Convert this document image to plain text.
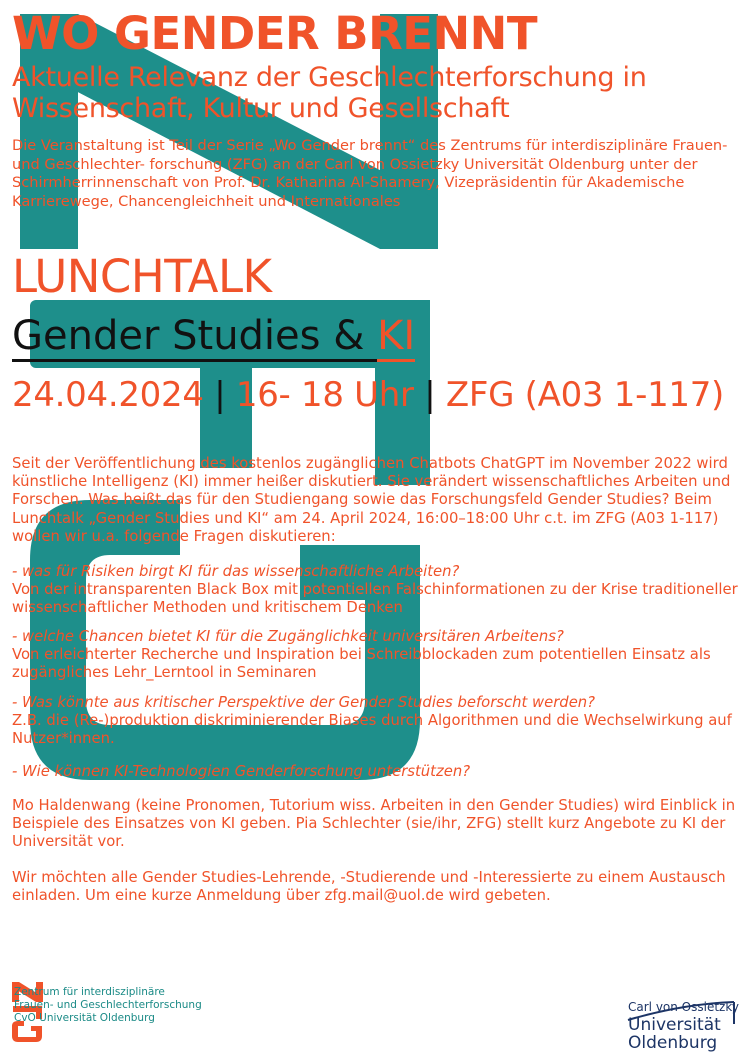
WO GENDER BRENNT
Aktuelle Relevanz der Geschlechterforschung in Wissenschaft, Kultur und Gesellschaft

Die Veranstaltung ist Teil der Serie „Wo Gender brennt“ des Zentrums für interdisziplinäre Frauen- und Geschlechter- forschung (ZFG) an der Carl von Ossietzky Universität Oldenburg unter der Schirmherrinnenschaft von Prof. Dr. Katharina Al-Shamery, Vizepräsidentin für Akademische Karrierewege, Chancengleichheit und Internationales

LUNCHTALK
Gender Studies & KI
24.04.2024 | 16- 18 Uhr | ZFG (A03 1-117)

Seit der Veröffentlichung des kostenlos zugänglichen Chatbots ChatGPT im November 2022 wird künstliche Intelligenz (KI) immer heißer diskutiert. Sie verändert wissenschaftliches Arbeiten und Forschen. Was heißt das für den Studiengang sowie das Forschungsfeld Gender Studies? Beim Lunchtalk „Gender Studies und KI“ am 24. April 2024, 16:00–18:00 Uhr c.t. im ZFG (A03 1-117) wollen wir u.a. folgende Fragen diskutieren:

- was für Risiken birgt KI für das wissenschaftliche Arbeiten?
Von der intransparenten Black Box mit potentiellen Falschinformationen zu der Krise traditioneller wissenschaftlicher Methoden und kritischem Denken
- welche Chancen bietet KI für die Zugänglichkeit universitären Arbeitens?
Von erleichterter Recherche und Inspiration bei Schreibblockaden zum potentiellen Einsatz als zugängliches Lehr_Lerntool in Seminaren
- Was könnte aus kritischer Perspektive der Gender Studies beforscht werden?
Z.B. die (Re-)produktion diskriminierender Biases durch Algorithmen und die Wechselwirkung auf Nutzer*innen.
- Wie können KI-Technologien Genderforschung unterstützen?

Mo Haldenwang (keine Pronomen, Tutorium wiss. Arbeiten in den Gender Studies) wird Einblick in Beispiele des Einsatzes von KI geben. Pia Schlechter (sie/ihr, ZFG) stellt kurz Angebote zu KI der Universität vor.

Wir möchten alle Gender Studies-Lehrende, -Studierende und -Interessierte zu einem Austausch einladen. Um eine kurze Anmeldung über zfg.mail@uol.de wird gebeten.

Zentrum für interdisziplinäre
Frauen- und Geschlechterforschung
CvO Universität Oldenburg
Carl von Ossietzky
Universität
Oldenburg
